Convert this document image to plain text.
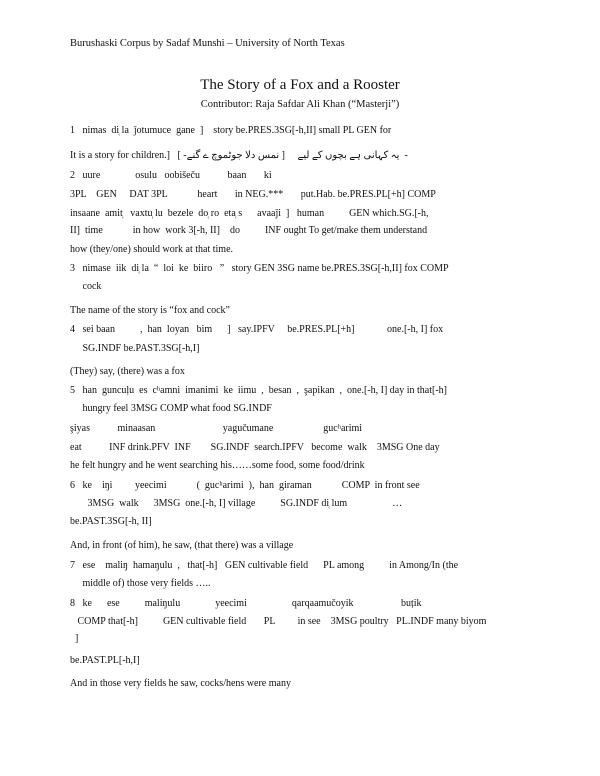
Burushaski Corpus by Sadaf Munshi – University of North Texas
The Story of a Fox and a Rooster
Contributor: Raja Safdar Ali Khan (“Masterji”)
1   nimas  di̜ la  ǰotumuce  gane  ]    story be.PRES.3SG[-h,II] small PL GEN for
It is a story for children.]   [ -نمس دلا جوٹموچ ے گنے ]     یہ کہانی ہے بچوں کے لیے  -
2   uure              osulu   oobišeču           baan       ki
3PL    GEN     DAT 3PL            heart       in NEG.***       put.Hab. be.PRES.PL[+h] COMP
insaane  amit̜   vaxtu̜ lu  bezele  do̜ ro  eta̜ s      avaaǰi  ]   human          GEN which.SG.[-h,
II]  time            in how  work 3[-h, II]    do          INF ought To get/make them understand
how (they/one) should work at that time.
3   nimase  iik  di̜ la  “  loi  ke  biiro   ”   story GEN 3SG name be.PRES.3SG[-h,II] fox COMP
cock
The name of the story is “fox and cock”
4   sei baan          ,  han  loyan   bim      ]   say.IPFV     be.PRES.PL[+h]             one.[-h, I] fox
SG.INDF be.PAST.3SG[-h,I]
(They) say, (there) was a fox
5   han  guncuḷu  es  cʰamni  imanimi  ke  iimu  ,  besan  ,  şapikan  ,  one.[-h, I] day in that[-h]
hungry feel 3MSG COMP what food SG.INDF
şiyas           minaasan                           yagučumane                    gucʰarimi
eat           INF drink.PFV  INF        SG.INDF  search.IPFV   become  walk    3MSG One day
he felt hungry and he went searching his……some food, some food/drink
6   ke    iŋi         yeecimi            (  gucʰarimi  ),  han  giraman            COMP  in front see
3MSG  walk      3MSG  one.[-h, I] village          SG.INDF di̜ lum                  …
be.PAST.3SG[-h, II]
And, in front (of him), he saw, (that there) was a village
7   ese    maliŋ  hamaŋulu  ,   that[-h]   GEN cultivable field      PL among          in Among/In (the
middle of) those very fields …..
8   ke      ese          maliŋulu              yeecimi                  qarqaamučoyik                   buțik
COMP that[-h]          GEN cultivable field       PL         in see    3MSG poultry   PL.INDF many biyom
]
be.PAST.PL[-h,I]
And in those very fields he saw, cocks/hens were many
